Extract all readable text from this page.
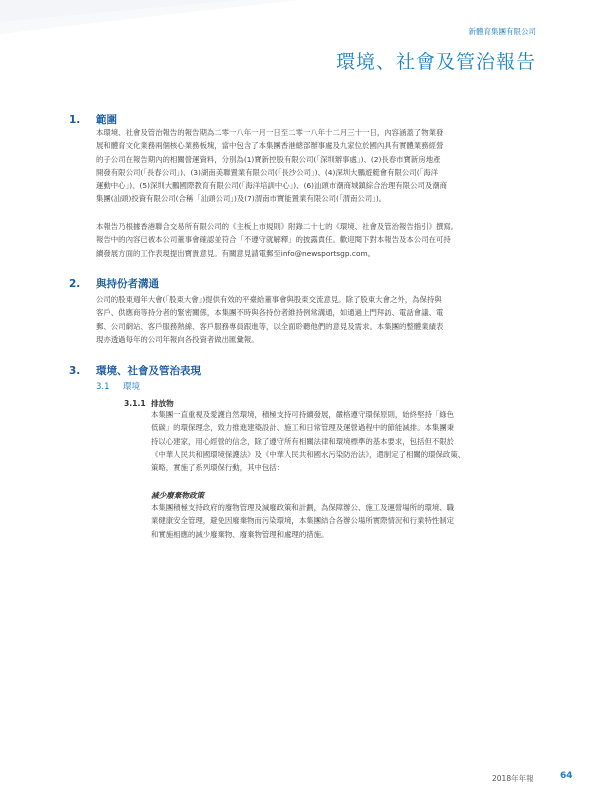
新體育集團有限公司
環境、社會及管治報告
1. 範圍

本環境、社會及管治報告的報告期為二零一八年一月一日至二零一八年十二月三十一日，內容涵蓋了物業發
展和體育文化業務兩個核心業務板塊，當中包含了本集團香港總部辦事處及九家位於國內具有實體業務經營
的子公司在報告期內的相關營運資料，分別為(1)寶新控股有限公司(「深圳辦事處」)、(2)長春市寶新房地產
開發有限公司(「長春公司」)、(3)湖南美聯置業有限公司(「長沙公司」)、(4)深圳大鵬遊艇會有限公司(「海洋
運動中心」)、(5)深圳大鵬國際教育有限公司(「海洋培訓中心」)、(6)汕頭市潮商城鎮綜合治理有限公司及潮商
集團(汕頭)投資有限公司(合稱「汕頭公司」)及(7)渭南市寶能置業有限公司(「渭南公司」)。

本報告乃根據香港聯合交易所有限公司的《主板上市規則》附錄二十七的《環境、社會及管治報告指引》撰寫。
報告中的內容已被本公司董事會確認並符合「不遵守就解釋」的披露責任。歡迎閱下對本報告及本公司在可持
續發展方面的工作表現提出寶貴意見。有關意見請電郵至info@newsportsgp.com。

2. 與持份者溝通

公司的股東週年大會(「股東大會」)提供有效的平臺給董事會與股東交流意見。除了股東大會之外，為保持與
客戶、供應商等持分者的緊密關係，本集團不時與各持份者維持例常溝通，如通過上門拜訪、電話會議、電
郵、公司網站、客戶服務熱線、客戶服務專員跟進等，以全面聆聽他們的意見及需求。本集團的整體業績表
現亦透過每年的公司年報向各投資者做出匯彙報。

3. 環境、社會及管治表現
3.1 環境
3.1.1 排放物

本集團一直重視及愛護自然環境，積極支持可持續發展，嚴格遵守環保原則，始終堅持「綠色
低碳」的環保理念，致力推進建築設計、施工和日常管理及運營過程中的節能減排。本集團秉
持以心建家，用心經營的信念，除了遵守所有相關法律和環境標準的基本要求，包括但不限於
《中華人民共和國環境保護法》及《中華人民共和國水污染防治法》，還制定了相關的環保政策、
策略，實施了系列環保行動，其中包括：

減少廢棄物政策

本集團積極支持政府的廢物管理及減廢政策和計劃，為保障辦公、施工及運營場所的環境、職
業健康安全管理，避免因廢棄物而污染環境，本集團結合各辦公場所實際情況和行業特性制定
和實施相應的減少廢棄物、廢棄物管理和處理的措施。

2018年年報	64
